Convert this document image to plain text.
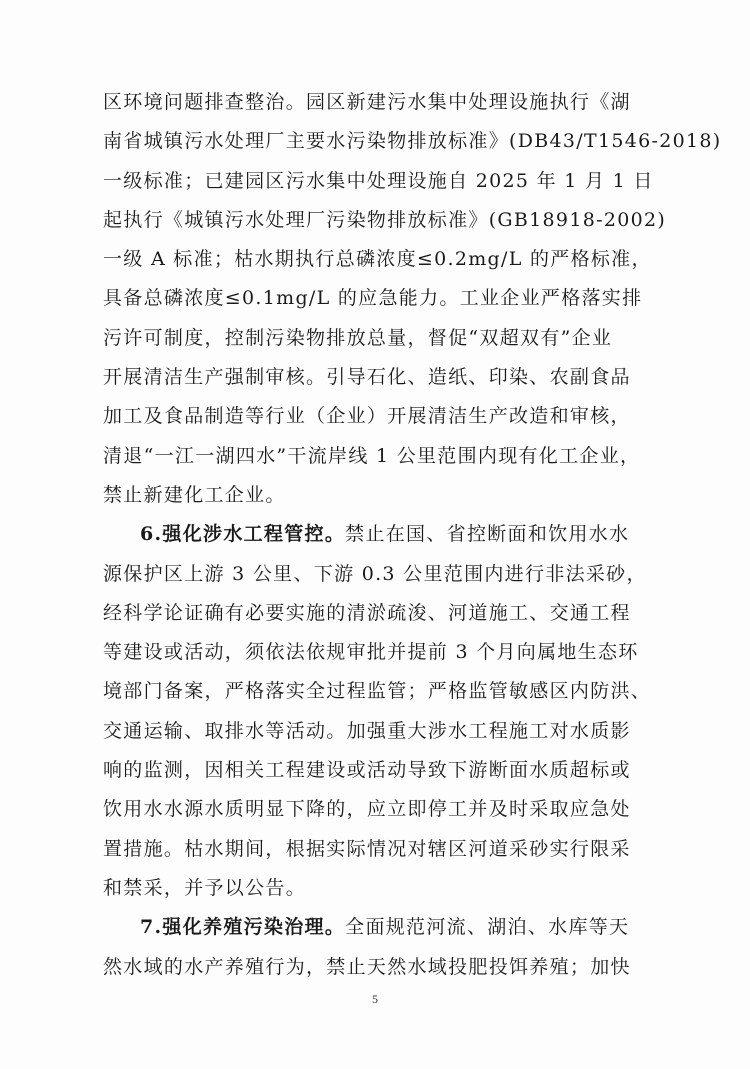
区环境问题排查整治。园区新建污水集中处理设施执行《湖
南省城镇污水处理厂主要水污染物排放标准》(DB43/T1546-2018)
一级标准；已建园区污水集中处理设施自 2025 年 1 月 1 日
起执行《城镇污水处理厂污染物排放标准》(GB18918-2002)
一级 A 标准；枯水期执行总磷浓度≤0.2mg/L 的严格标准，
具备总磷浓度≤0.1mg/L 的应急能力。工业企业严格落实排
污许可制度，控制污染物排放总量，督促“双超双有”企业
开展清洁生产强制审核。引导石化、造纸、印染、农副食品
加工及食品制造等行业（企业）开展清洁生产改造和审核，
清退“一江一湖四水”干流岸线 1 公里范围内现有化工企业，
禁止新建化工企业。
6.强化涉水工程管控。禁止在国、省控断面和饮用水水
源保护区上游 3 公里、下游 0.3 公里范围内进行非法采砂，
经科学论证确有必要实施的清淤疏浚、河道施工、交通工程
等建设或活动，须依法依规审批并提前 3 个月向属地生态环
境部门备案，严格落实全过程监管；严格监管敏感区内防洪、
交通运输、取排水等活动。加强重大涉水工程施工对水质影
响的监测，因相关工程建设或活动导致下游断面水质超标或
饮用水水源水质明显下降的，应立即停工并及时采取应急处
置措施。枯水期间，根据实际情况对辖区河道采砂实行限采
和禁采，并予以公告。
7.强化养殖污染治理。全面规范河流、湖泊、水库等天
然水域的水产养殖行为，禁止天然水域投肥投饵养殖；加快
5
